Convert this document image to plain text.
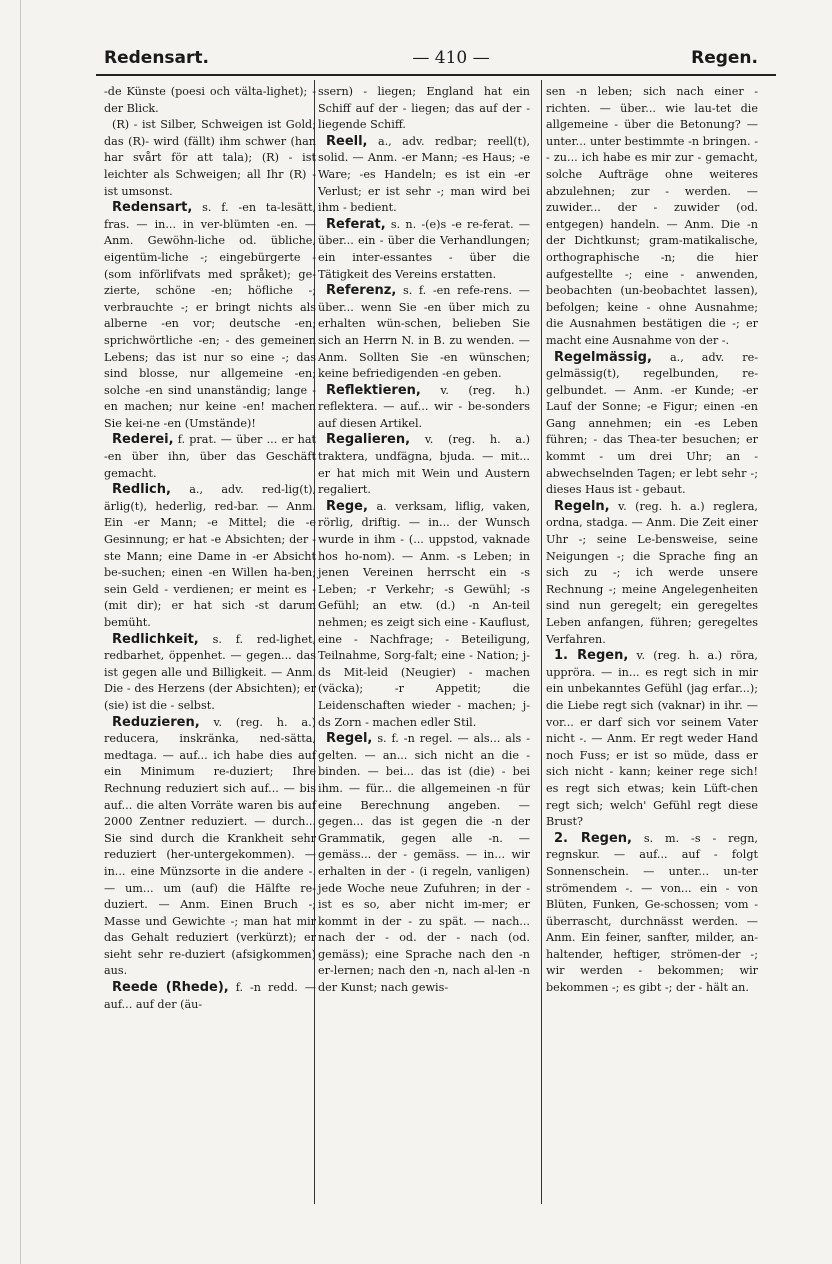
Redensart.	— 410 —	Regen.

-de Künste (poesi och välta-lighet); -der Blick.

(R) - ist Silber, Schweigen ist Gold; das (R)- wird (fällt) ihm schwer (han har svårt för att tala); (R) - ist leichter als Schweigen; all Ihr (R) -ist umsonst.

Redensart, s. f. -en ta-lesätt, fras. — in... in ver-blümten -en. — Anm. Gewöhn-liche od. übliche, eigentüm-liche -; eingebürgerte - (som införlifvats med språket); ge-zierte, schöne -en; höfliche -; verbrauchte -; er bringt nichts als alberne -en vor; deutsche -en; sprichwörtliche -en; - des gemeinen Lebens; das ist nur so eine -; das sind blosse, nur allgemeine -en; solche -en sind unanständig; lange -en machen; nur keine -en! machen Sie kei-ne -en (Umstände)!

Rederei, f. prat. — über ... er hat -en über ihn, über das Geschäft gemacht.

Redlich, a., adv. red-lig(t), ärlig(t), hederlig, red-bar. — Anm. Ein -er Mann; -e Mittel; die -e Gesinnung; er hat -e Absichten; der -ste Mann; eine Dame in -er Absicht be-suchen; einen -en Willen ha-ben; sein Geld - verdienen; er meint es - (mit dir); er hat sich -st darum bemüht.

Redlichkeit, s. f. red-lighet, redbarhet, öppenhet. — gegen... das ist gegen alle und Billigkeit. — Anm. Die - des Herzens (der Absichten); er (sie) ist die - selbst.

Reduzieren, v. (reg. h. a.) reducera, inskränka, ned-sätta, medtaga. — auf... ich habe dies auf ein Minimum re-duziert; Ihre Rechnung reduziert sich auf... — bis auf... die alten Vorräte waren bis auf 2000 Zentner reduziert. — durch... Sie sind durch die Krankheit sehr reduziert (her-untergekommen). — in... eine Münzsorte in die andere -. — um... um (auf) die Hälfte re-duziert. — Anm. Einen Bruch -; Masse und Gewichte -; man hat mir das Gehalt reduziert (verkürzt); er sieht sehr re-duziert (afsigkommen) aus.

Reede (Rhede), f. -n redd. — auf... auf der (äu-

ssern) - liegen; England hat ein Schiff auf der - liegen; das auf der - liegende Schiff.

Reell, a., adv. redbar; reell(t), solid. — Anm. -er Mann; -es Haus; -e Ware; -es Handeln; es ist ein -er Verlust; er ist sehr -; man wird bei ihm - bedient.

Referat, s. n. -(e)s -e re-ferat. — über... ein - über die Verhandlungen; ein inter-essantes - über die Tätigkeit des Vereins erstatten.

Referenz, s. f. -en refe-rens. — über... wenn Sie -en über mich zu erhalten wün-schen, belieben Sie sich an Herrn N. in B. zu wenden. — Anm. Sollten Sie -en wünschen; keine befriedigenden -en geben.

Reflektieren, v. (reg. h.) reflektera. — auf... wir - be-sonders auf diesen Artikel.

Regalieren, v. (reg. h. a.) traktera, undfägna, bjuda. — mit... er hat mich mit Wein und Austern regaliert.

Rege, a. verksam, liflig, vaken, rörlig, driftig. — in... der Wunsch wurde in ihm - (... uppstod, vaknade hos ho-nom). — Anm. -s Leben; in jenen Vereinen herrscht ein -s Leben; -r Verkehr; -s Gewühl; -s Gefühl; an etw. (d.) -n An-teil nehmen; es zeigt sich eine - Kauflust, eine - Nachfrage; - Beteiligung, Teilnahme, Sorg-falt; eine - Nation; j-ds Mit-leid (Neugier) - machen (väcka); -r Appetit; die Leidenschaften wieder - machen; j-ds Zorn - machen edler Stil.

Regel, s. f. -n regel. — als... als - gelten. — an... sich nicht an die - binden. — bei... das ist (die) - bei ihm. — für... die allgemeinen -n für eine Berechnung angeben. — gegen... das ist gegen die -n der Grammatik, gegen alle -n. — gemäss... der - gemäss. — in... wir erhalten in der - (i regeln, vanligen) jede Woche neue Zufuhren; in der - ist es so, aber nicht im-mer; er kommt in der - zu spät. — nach... nach der - od. der - nach (od. gemäss); eine Sprache nach den -n er-lernen; nach den -n, nach al-len -n der Kunst; nach gewis-

sen -n leben; sich nach einer - richten. — über... wie lau-tet die allgemeine - über die Betonung? — unter... unter bestimmte -n bringen. - - zu... ich habe es mir zur - gemacht, solche Aufträge ohne weiteres abzulehnen; zur - werden. — zuwider... der - zuwider (od. entgegen) handeln. — Anm. Die -n der Dichtkunst; gram-matikalische, orthographische -n; die hier aufgestellte -; eine - anwenden, beobachten (un-beobachtet lassen), befolgen; keine - ohne Ausnahme; die Ausnahmen bestätigen die -; er macht eine Ausnahme von der -.

Regelmässig, a., adv. re-gelmässig(t), regelbunden, re-gelbundet. — Anm. -er Kunde; -er Lauf der Sonne; -e Figur; einen -en Gang annehmen; ein -es Leben führen; - das Thea-ter besuchen; er kommt - um drei Uhr; an - abwechselnden Tagen; er lebt sehr -; dieses Haus ist - gebaut.

Regeln, v. (reg. h. a.) reglera, ordna, stadga. — Anm. Die Zeit einer Uhr -; seine Le-bensweise, seine Neigungen -; die Sprache fing an sich zu -; ich werde unsere Rechnung -; meine Angelegenheiten sind nun geregelt; ein geregeltes Leben anfangen, führen; geregeltes Verfahren.

1. Regen, v. (reg. h. a.) röra, uppröra. — in... es regt sich in mir ein unbekanntes Gefühl (jag erfar...); die Liebe regt sich (vaknar) in ihr. — vor... er darf sich vor seinem Vater nicht -. — Anm. Er regt weder Hand noch Fuss; er ist so müde, dass er sich nicht - kann; keiner rege sich! es regt sich etwas; kein Lüft-chen regt sich; welch' Gefühl regt diese Brust?

2. Regen, s. m. -s - regn, regnskur. — auf... auf - folgt Sonnenschein. — unter... un-ter strömendem -. — von... ein - von Blüten, Funken, Ge-schossen; vom - überrascht, durchnässt werden. — Anm. Ein feiner, sanfter, milder, an-haltender, heftiger, strömen-der -; wir werden - bekommen; wir bekommen -; es gibt -; der - hält an.
